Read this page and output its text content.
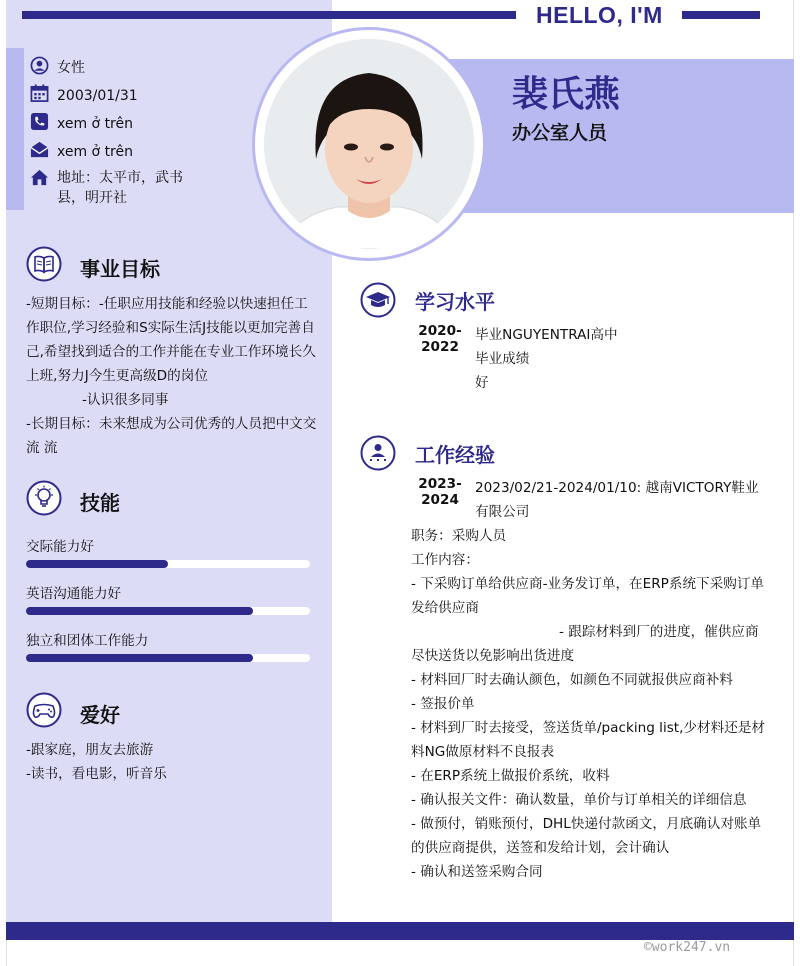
HELLO, I'M
裴氏燕
办公室人员
女性
2003/01/31
xem ở trên
xem ở trên
地址：太平市，武书县，明开社
事业目标
-短期目标：-任职应用技能和经验以快速担任工作职位,学习经验和S实际生活J技能以更加完善自己,希望找到适合的工作并能在专业工作环境长久上班,努力J今生更高级D的岗位
-认识很多同事
-长期目标：未来想成为公司优秀的人员把中文交流 流
技能
交际能力好
英语沟通能力好
独立和团体工作能力
爱好
-跟家庭，朋友去旅游
-读书，看电影，听音乐
学习水平
2020-
2022
毕业NGUYENTRAI高中
毕业成绩
好
工作经验
2023-
2024
2023/02/21-2024/01/10: 越南VICTORY鞋业有限公司
职务：采购人员
工作内容：
- 下采购订单给供应商-业务发订单，在ERP系统下采购订单发给供应商
- 跟踪材料到厂的进度，催供应商尽快送货以免影响出货进度
- 材料回厂时去确认颜色，如颜色不同就报供应商补料
- 签报价单
- 材料到厂时去接受，签送货单/packing list,少材料还是材料NG做原材料不良报表
- 在ERP系统上做报价系统，收料
- 确认报关文件：确认数量，单价与订单相关的详细信息
- 做预付，销账预付，DHL快递付款函文，月底确认对账单的供应商提供，送签和发给计划，会计确认
- 确认和送签采购合同
©work247.vn
